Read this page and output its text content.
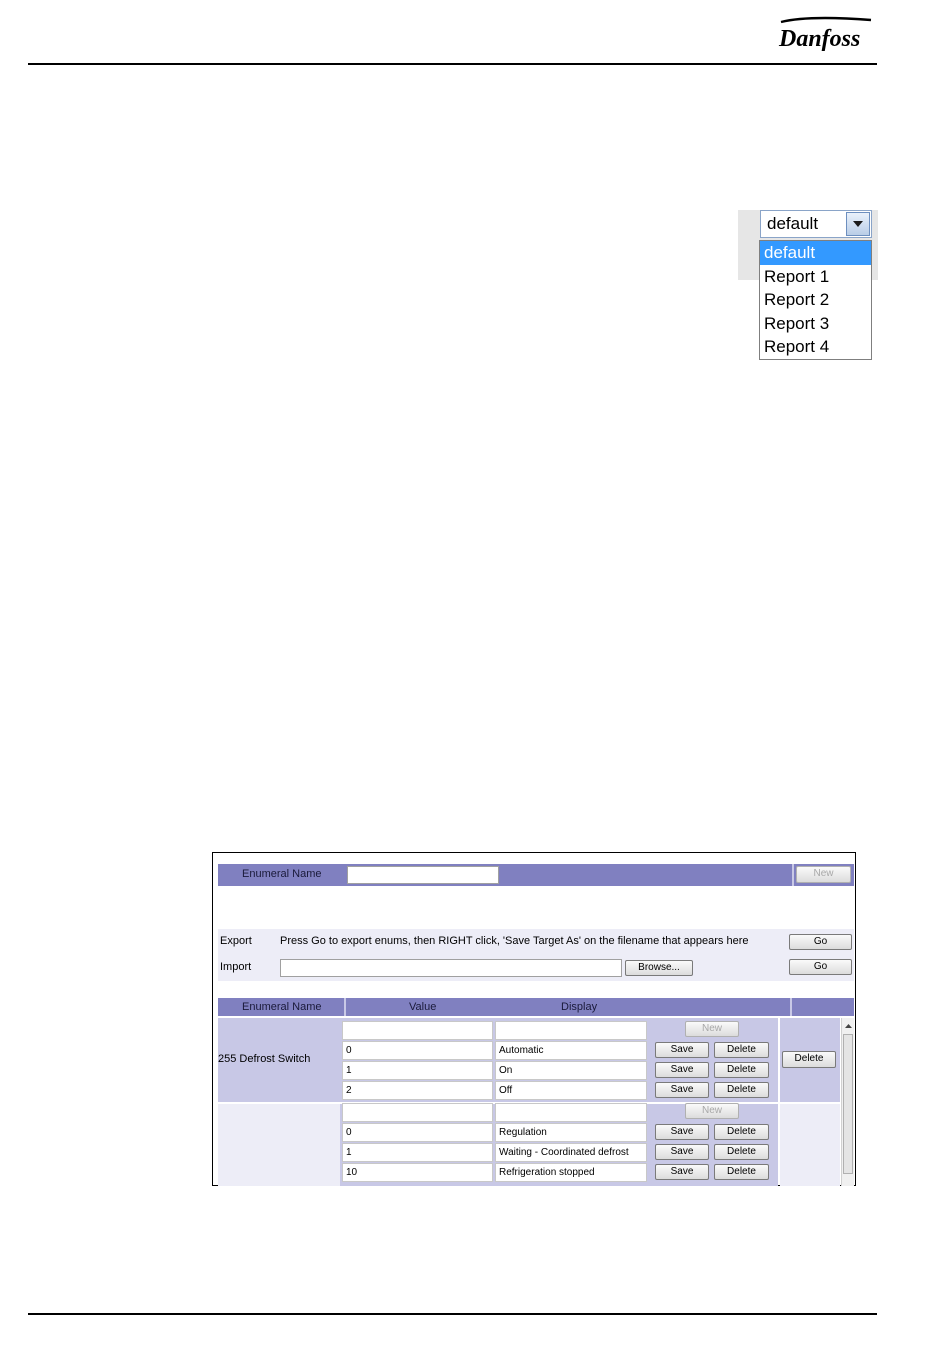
Danfoss
default
default
Report 1
Report 2
Report 3
Report 4
Enumeral Name	New
Export	Press Go to export enums, then RIGHT click, 'Save Target As' on the filename that appears here	Go
Import	Browse...	Go
Enumeral Name	Value	Display
255 Defrost Switch
New
0	Automatic	Save	Delete
1	On	Save	Delete
2	Off	Save	Delete
Delete
New
0	Regulation	Save	Delete
1	Waiting - Coordinated defrost	Save	Delete
10	Refrigeration stopped	Save	Delete
